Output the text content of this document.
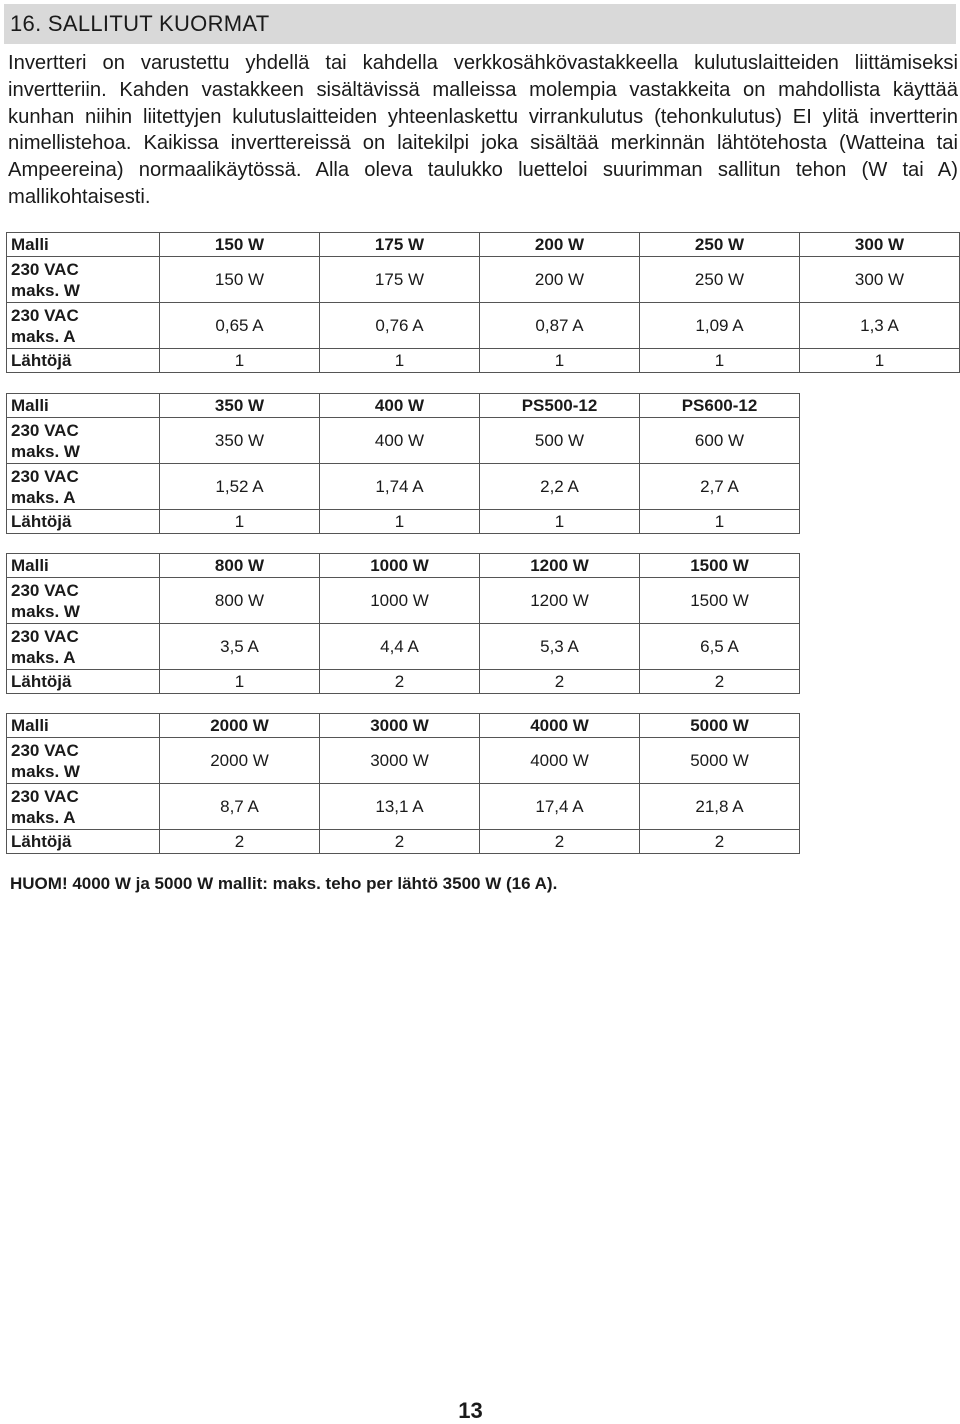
16. SALLITUT KUORMAT

Invertteri on varustettu yhdellä tai kahdella verkkosähkövastakkeella kulutuslaitteiden liittämiseksi invertteriin. Kahden vastakkeen sisältävissä malleissa molempia vastakkeita on mahdollista käyttää kunhan niihin liitettyjen kulutuslaitteiden yhteenlaskettu virrankulutus (tehonkulutus) EI ylitä invertterin nimellistehoa. Kaikissa inverttereissä on laitekilpi joka sisältää merkinnän lähtötehosta (Watteina tai Ampeereina) normaalikäytössä. Alla oleva taulukko luetteloi suurimman sallitun tehon (W tai A) mallikohtaisesti.

Malli	150 W	175 W	200 W	250 W	300 W
230 VAC
maks. W	150 W	175 W	200 W	250 W	300 W
230 VAC
maks. A	0,65 A	0,76 A	0,87 A	1,09 A	1,3 A
Lähtöjä	1	1	1	1	1
Malli	350 W	400 W	PS500-12	PS600-12
230 VAC
maks. W	350 W	400 W	500 W	600 W
230 VAC
maks. A	1,52 A	1,74 A	2,2 A	2,7 A
Lähtöjä	1	1	1	1
Malli	800 W	1000 W	1200 W	1500 W
230 VAC
maks. W	800 W	1000 W	1200 W	1500 W
230 VAC
maks. A	3,5 A	4,4 A	5,3 A	6,5 A
Lähtöjä	1	2	2	2
Malli	2000 W	3000 W	4000 W	5000 W
230 VAC
maks. W	2000 W	3000 W	4000 W	5000 W
230 VAC
maks. A	8,7 A	13,1 A	17,4 A	21,8 A
Lähtöjä	2	2	2	2
HUOM! 4000 W ja 5000 W mallit: maks. teho per lähtö 3500 W (16 A).
13
